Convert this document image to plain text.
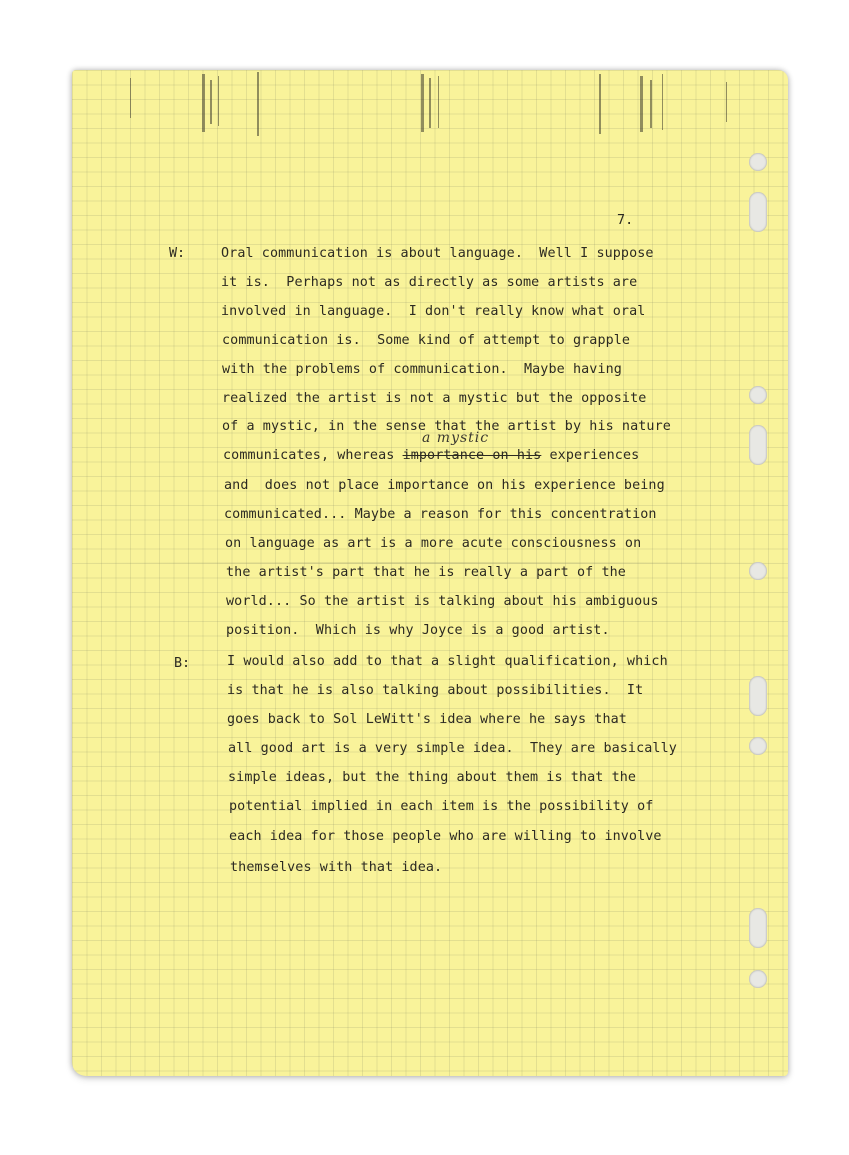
7.
W:	Oral communication is about language.  Well I suppose
it is.  Perhaps not as directly as some artists are
involved in language.  I don't really know what oral
communication is.  Some kind of attempt to grapple
with the problems of communication.  Maybe having
realized the artist is not a mystic but the opposite
of a mystic, in the sense that the artist by his nature
a mystic
communicates, whereas importance on his experiences
and  does not place importance on his experience being
communicated... Maybe a reason for this concentration
on language as art is a more acute consciousness on
the artist's part that he is really a part of the
world... So the artist is talking about his ambiguous
position.  Which is why Joyce is a good artist.
B:	I would also add to that a slight qualification, which
is that he is also talking about possibilities.  It
goes back to Sol LeWitt's idea where he says that
all good art is a very simple idea.  They are basically
simple ideas, but the thing about them is that the
potential implied in each item is the possibility of
each idea for those people who are willing to involve
themselves with that idea.
